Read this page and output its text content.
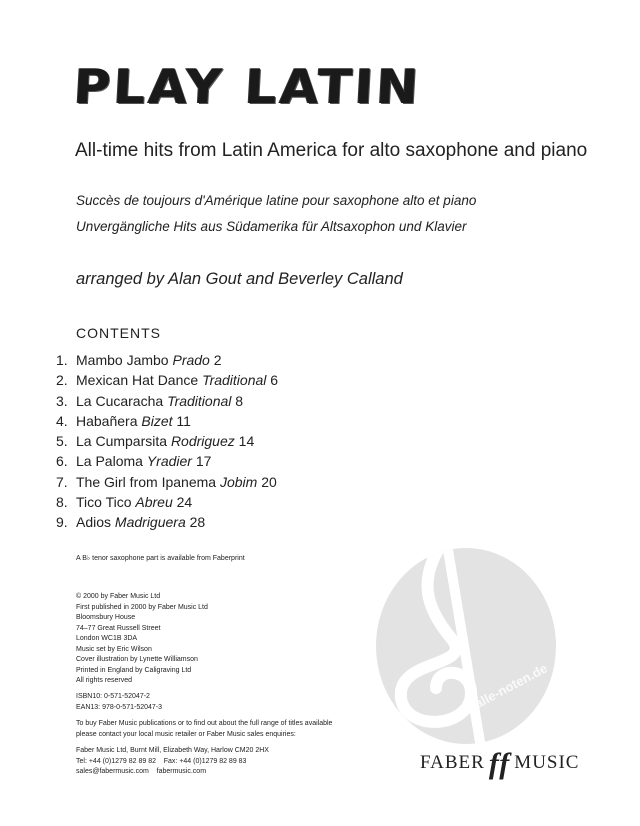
PLAY LATIN
All-time hits from Latin America for alto saxophone and piano
Succès de toujours d'Amérique latine pour saxophone alto et piano
Unvergängliche Hits aus Südamerika für Altsaxophon und Klavier
arranged by Alan Gout and Beverley Calland
CONTENTS
1. Mambo Jambo Prado 2
2. Mexican Hat Dance Traditional 6
3. La Cucaracha Traditional 8
4. Habañera Bizet 11
5. La Cumparsita Rodriguez 14
6. La Paloma Yradier 17
7. The Girl from Ipanema Jobim 20
8. Tico Tico Abreu 24
9. Adios Madriguera 28
A B♭ tenor saxophone part is available from Faberprint
© 2000 by Faber Music Ltd
First published in 2000 by Faber Music Ltd
Bloomsbury House
74–77 Great Russell Street
London WC1B 3DA
Music set by Eric Wilson
Cover illustration by Lynette Williamson
Printed in England by Caligraving Ltd
All rights reserved
ISBN10: 0-571-52047-2
EAN13: 978-0-571-52047-3
To buy Faber Music publications or to find out about the full range of titles available
please contact your local music retailer or Faber Music sales enquiries:
Faber Music Ltd, Burnt Mill, Elizabeth Way, Harlow CM20 2HX
Tel: +44 (0)1279 82 89 82    Fax: +44 (0)1279 82 89 83
sales@fabermusic.com    fabermusic.com
alle-noten.de
FABER ff MUSIC
